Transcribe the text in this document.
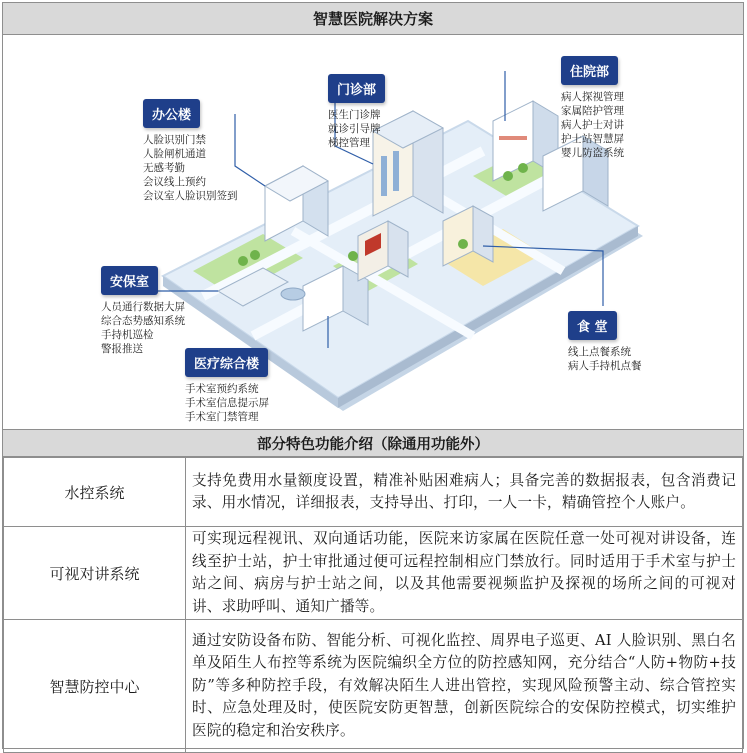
智慧医院解决方案
办公楼
人脸识别门禁
人脸闸机通道
无感考勤
会议线上预约
会议室人脸识别签到
门诊部
医生门诊牌
就诊引导牌
梯控管理
住院部
病人探视管理
家属陪护管理
病人护士对讲
护士站智慧屏
婴儿防盗系统
安保室
人员通行数据大屏
综合态势感知系统
手持机巡检
警报推送
医疗综合楼
手术室预约系统
手术室信息提示屏
手术室门禁管理
食 堂
线上点餐系统
病人手持机点餐
部分特色功能介绍（除通用功能外）
水控系统	支持免费用水量额度设置，精准补贴困难病人；具备完善的数据报表，包含消费记录、用水情况，详细报表，支持导出、打印，一人一卡，精确管控个人账户。
可视对讲系统	可实现远程视讯、双向通话功能，医院来访家属在医院任意一处可视对讲设备，连线至护士站，护士审批通过便可远程控制相应门禁放行。同时适用于手术室与护士站之间、病房与护士站之间，以及其他需要视频监护及探视的场所之间的可视对讲、求助呼叫、通知广播等。
智慧防控中心	通过安防设备布防、智能分析、可视化监控、周界电子巡更、AI 人脸识别、黑白名单及陌生人布控等系统为医院编织全方位的防控感知网，充分结合“人防+物防+技防”等多种防控手段，有效解决陌生人进出管控，实现风险预警主动、综合管控实时、应急处理及时，使医院安防更智慧，创新医院综合的安保防控模式，切实维护医院的稳定和治安秩序。
